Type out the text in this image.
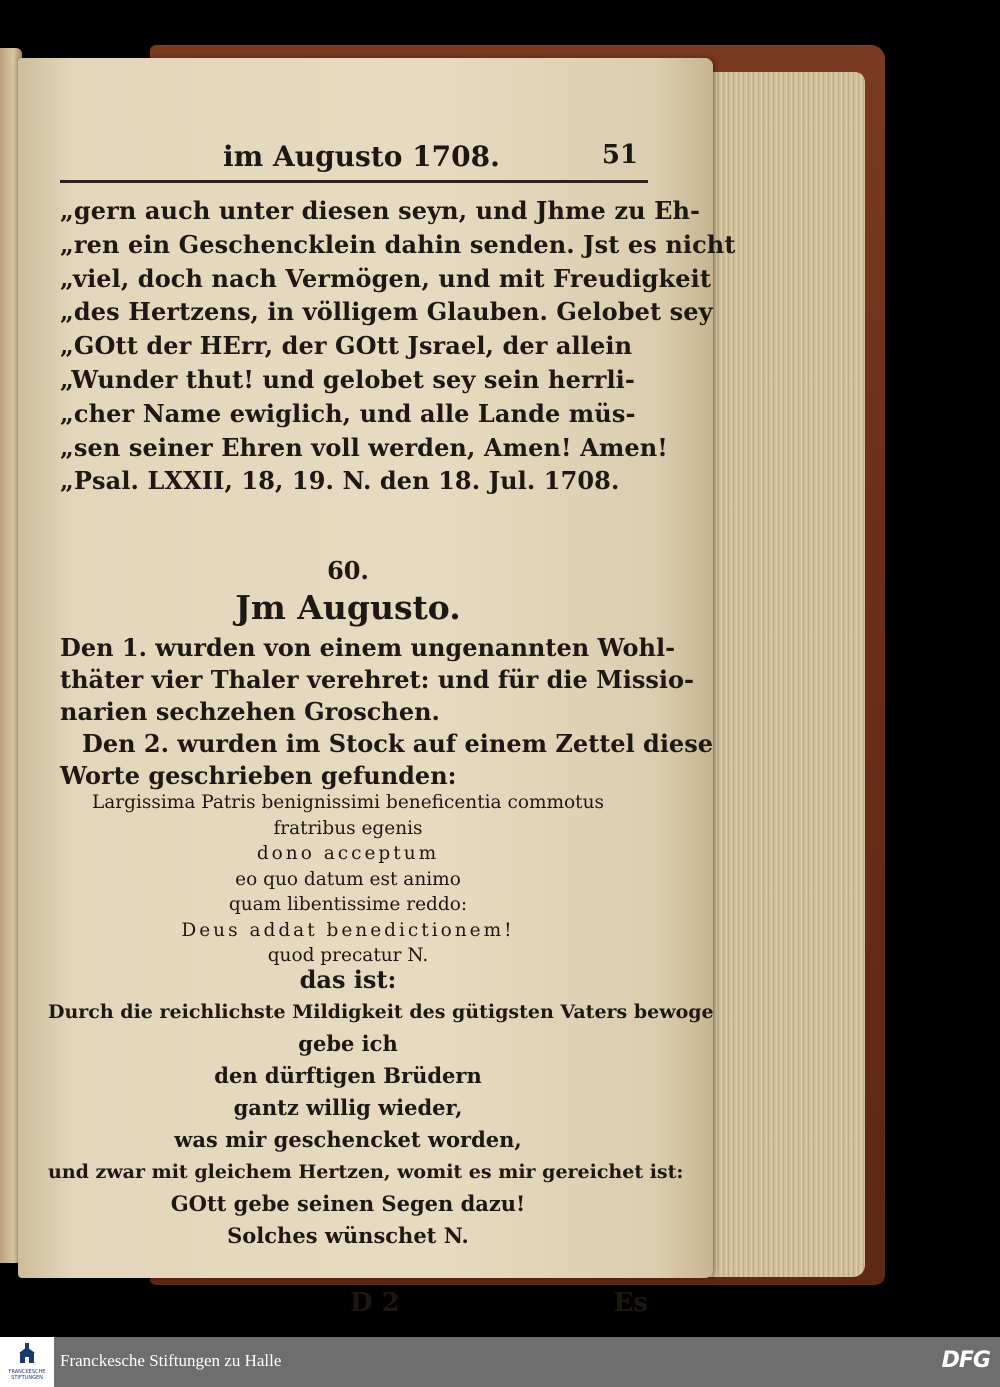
im Augusto 1708.	51
„gern auch unter diesen seyn, und Jhme zu Eh-
„ren ein Geschencklein dahin senden. Jst es nicht
„viel, doch nach Vermögen, und mit Freudigkeit
„des Hertzens, in völligem Glauben. Gelobet sey
„GOtt der HErr, der GOtt Jsrael, der allein
„Wunder thut! und gelobet sey sein herrli-
„cher Name ewiglich, und alle Lande müs-
„sen seiner Ehren voll werden, Amen! Amen!
„Psal. LXXII, 18, 19. N. den 18. Jul. 1708.
60.
Jm Augusto.
Den 1. wurden von einem ungenannten Wohl-
thäter vier Thaler verehret: und für die Missio-
narien sechzehen Groschen.
Den 2. wurden im Stock auf einem Zettel diese
Worte geschrieben gefunden:
Largissima Patris benignissimi beneficentia commotus
fratribus egenis
dono acceptum
eo quo datum est animo
quam libentissime reddo:
Deus addat benedictionem!
quod precatur N.
das ist:
Durch die reichlichste Mildigkeit des gütigsten Vaters bewoge
gebe ich
den dürftigen Brüdern
gantz willig wieder,
was mir geschencket worden,
und zwar mit gleichem Hertzen, womit es mir gereichet ist:
GOtt gebe seinen Segen dazu!
Solches wünschet N.
D 2	Es
FRANCKESCHE STIFTUNGEN
Franckesche Stiftungen zu Halle	DFG
